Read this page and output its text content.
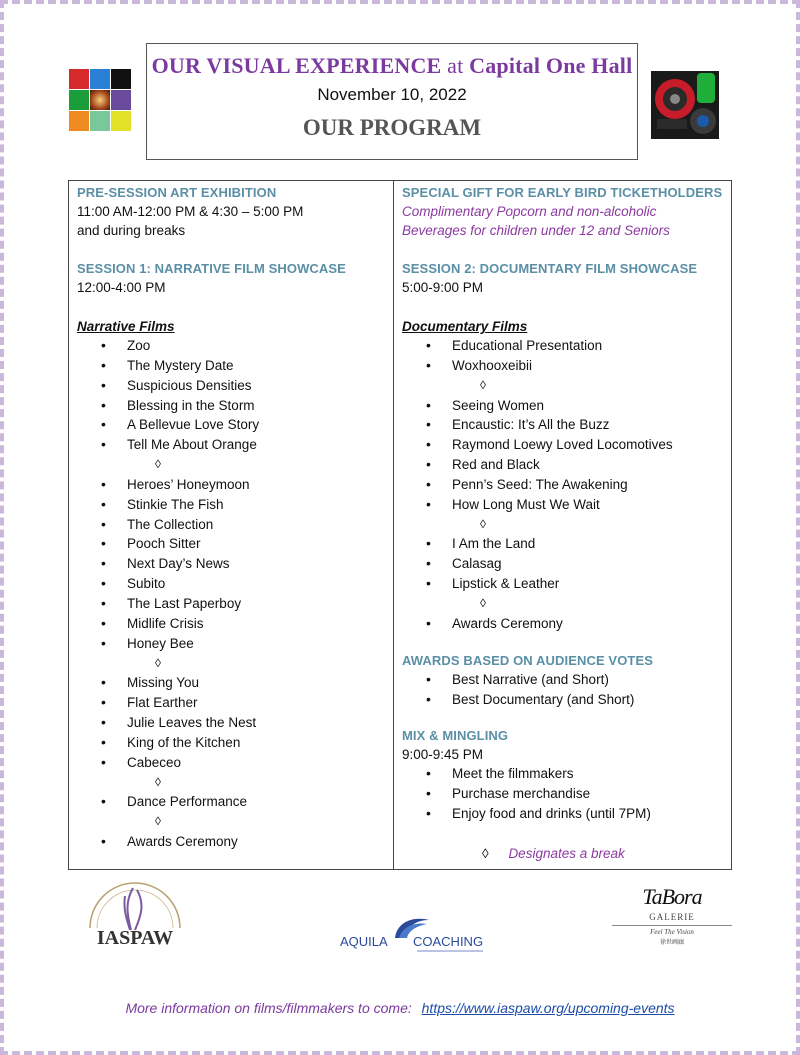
OUR VISUAL EXPERIENCE at Capital One Hall
November 10, 2022
OUR PROGRAM
PRE-SESSION ART EXHIBITION
11:00 AM-12:00 PM & 4:30 – 5:00 PM
and during breaks
SESSION 1: NARRATIVE FILM SHOWCASE
12:00-4:00 PM
Narrative Films
• Zoo
• The Mystery Date
• Suspicious Densities
• Blessing in the Storm
• A Bellevue Love Story
• Tell Me About Orange
◊
• Heroes’ Honeymoon
• Stinkie The Fish
• The Collection
• Pooch Sitter
• Next Day’s News
• Subito
• The Last Paperboy
• Midlife Crisis
• Honey Bee
◊
• Missing You
• Flat Earther
• Julie Leaves the Nest
• King of the Kitchen
• Cabeceo
◊
• Dance Performance
◊
• Awards Ceremony
SPECIAL GIFT FOR EARLY BIRD TICKETHOLDERS
Complimentary Popcorn and non-alcoholic
Beverages for children under 12 and Seniors
SESSION 2: DOCUMENTARY FILM SHOWCASE
5:00-9:00 PM
Documentary Films
• Educational Presentation
• Woxhooxeibii
◊
• Seeing Women
• Encaustic: It’s All the Buzz
• Raymond Loewy Loved Locomotives
• Red and Black
• Penn’s Seed: The Awakening
• How Long Must We Wait
◊
• I Am the Land
• Calasag
• Lipstick & Leather
◊
• Awards Ceremony
AWARDS BASED ON AUDIENCE VOTES
• Best Narrative (and Short)
• Best Documentary (and Short)
MIX & MINGLING
9:00-9:45 PM
• Meet the filmmakers
• Purchase merchandise
• Enjoy food and drinks (until 7PM)
◊ Designates a break
IASPAW	AQUILA COACHING
TaBora
GALERIE
Feel The Vision
徐世画廊
More information on films/filmmakers to come: https://www.iaspaw.org/upcoming-events
